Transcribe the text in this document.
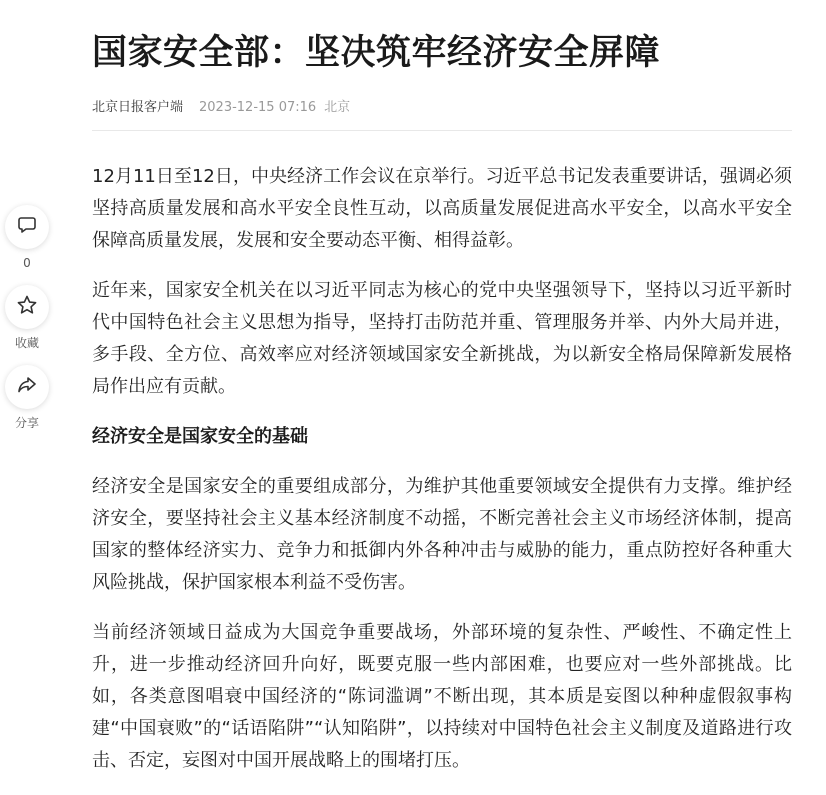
0
收藏
分享
国家安全部：坚决筑牢经济安全屏障
北京日报客户端 2023-12-15 07:16 北京

12月11日至12日，中央经济工作会议在京举行。习近平总书记发表重要讲话，强调必须坚持高质量发展和高水平安全良性互动，以高质量发展促进高水平安全，以高水平安全保障高质量发展，发展和安全要动态平衡、相得益彰。

近年来，国家安全机关在以习近平同志为核心的党中央坚强领导下，坚持以习近平新时代中国特色社会主义思想为指导，坚持打击防范并重、管理服务并举、内外大局并进，多手段、全方位、高效率应对经济领域国家安全新挑战，为以新安全格局保障新发展格局作出应有贡献。

经济安全是国家安全的基础

经济安全是国家安全的重要组成部分，为维护其他重要领域安全提供有力支撑。维护经济安全，要坚持社会主义基本经济制度不动摇，不断完善社会主义市场经济体制，提高国家的整体经济实力、竞争力和抵御内外各种冲击与威胁的能力，重点防控好各种重大风险挑战，保护国家根本利益不受伤害。

当前经济领域日益成为大国竞争重要战场，外部环境的复杂性、严峻性、不确定性上升，进一步推动经济回升向好，既要克服一些内部困难，也要应对一些外部挑战。比如，各类意图唱衰中国经济的“陈词滥调”不断出现，其本质是妄图以种种虚假叙事构建“中国衰败”的“话语陷阱”“认知陷阱”，以持续对中国特色社会主义制度及道路进行攻击、否定，妄图对中国开展战略上的围堵打压。
